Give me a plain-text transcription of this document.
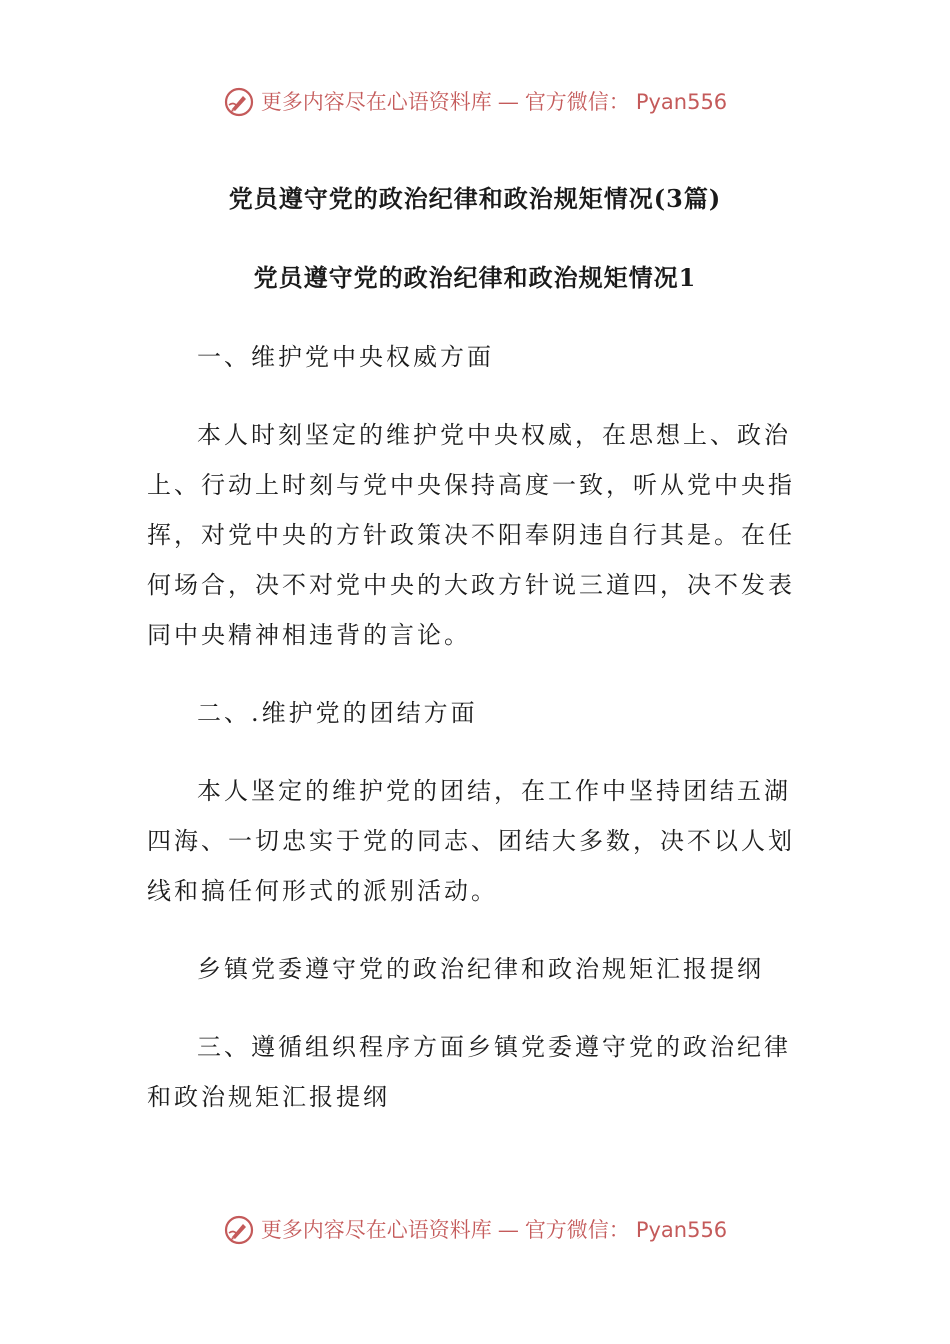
更多内容尽在心语资料库 — 官方微信： Pyan556
党员遵守党的政治纪律和政治规矩情况(3篇)
党员遵守党的政治纪律和政治规矩情况1

一、维护党中央权威方面

本人时刻坚定的维护党中央权威，在思想上、政治上、行动上时刻与党中央保持高度一致，听从党中央指挥，对党中央的方针政策决不阳奉阴违自行其是。在任何场合，决不对党中央的大政方针说三道四，决不发表同中央精神相违背的言论。

二、.维护党的团结方面

本人坚定的维护党的团结，在工作中坚持团结五湖四海、一切忠实于党的同志、团结大多数，决不以人划线和搞任何形式的派别活动。

乡镇党委遵守党的政治纪律和政治规矩汇报提纲

三、遵循组织程序方面乡镇党委遵守党的政治纪律和政治规矩汇报提纲

更多内容尽在心语资料库 — 官方微信： Pyan556
